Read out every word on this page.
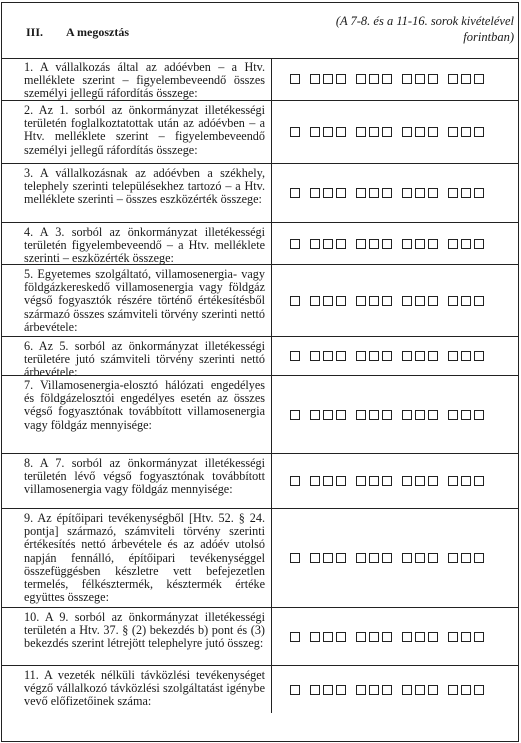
III. A megosztás
(A 7-8. és a 11-16. sorok kivételével forintban)
1. A vállalkozás által az adóévben – a Htv. melléklete szerint – figyelembeveendő összes személyi jellegű ráfordítás összege:
2. Az 1. sorból az önkormányzat illetékességi területén foglalkoztatottak után az adóévben – a Htv. melléklete szerint – figyelembeveendő személyi jellegű ráfordítás összege:
3. A vállalkozásnak az adóévben a székhely, telephely szerinti településekhez tartozó – a Htv. melléklete szerinti – összes eszközérték összege:
4. A 3. sorból az önkormányzat illetékességi területén figyelembeveendő – a Htv. melléklete szerinti – eszközérték összege:
5. Egyetemes szolgáltató, villamosenergia- vagy földgázkereskedő villamosenergia vagy földgáz végső fogyasztók részére történő értékesítésből származó összes számviteli törvény szerinti nettó árbevétele:
6. Az 5. sorból az önkormányzat illetékességi területére jutó számviteli törvény szerinti nettó árbevétele:
7. Villamosenergia-elosztó hálózati engedélyes és földgázelosztói engedélyes esetén az összes végső fogyasztónak továbbított villamosenergia vagy földgáz mennyisége:
8. A 7. sorból az önkormányzat illetékességi területén lévő végső fogyasztónak továbbított villamosenergia vagy földgáz mennyisége:
9. Az építőipari tevékenységből [Htv. 52. § 24. pontja] származó, számviteli törvény szerinti értékesítés nettó árbevétele és az adóév utolsó napján fennálló, építőipari tevékenységgel összefüggésben készletre vett befejezetlen termelés, félkésztermék, késztermék értéke együttes összege:
10. A 9. sorból az önkormányzat illetékességi területén a Htv. 37. § (2) bekezdés b) pont és (3) bekezdés szerint létrejött telephelyre jutó összeg:
11. A vezeték nélküli távközlési tevékenységet végző vállalkozó távközlési szolgáltatást igénybe vevő előfizetőinek száma:
